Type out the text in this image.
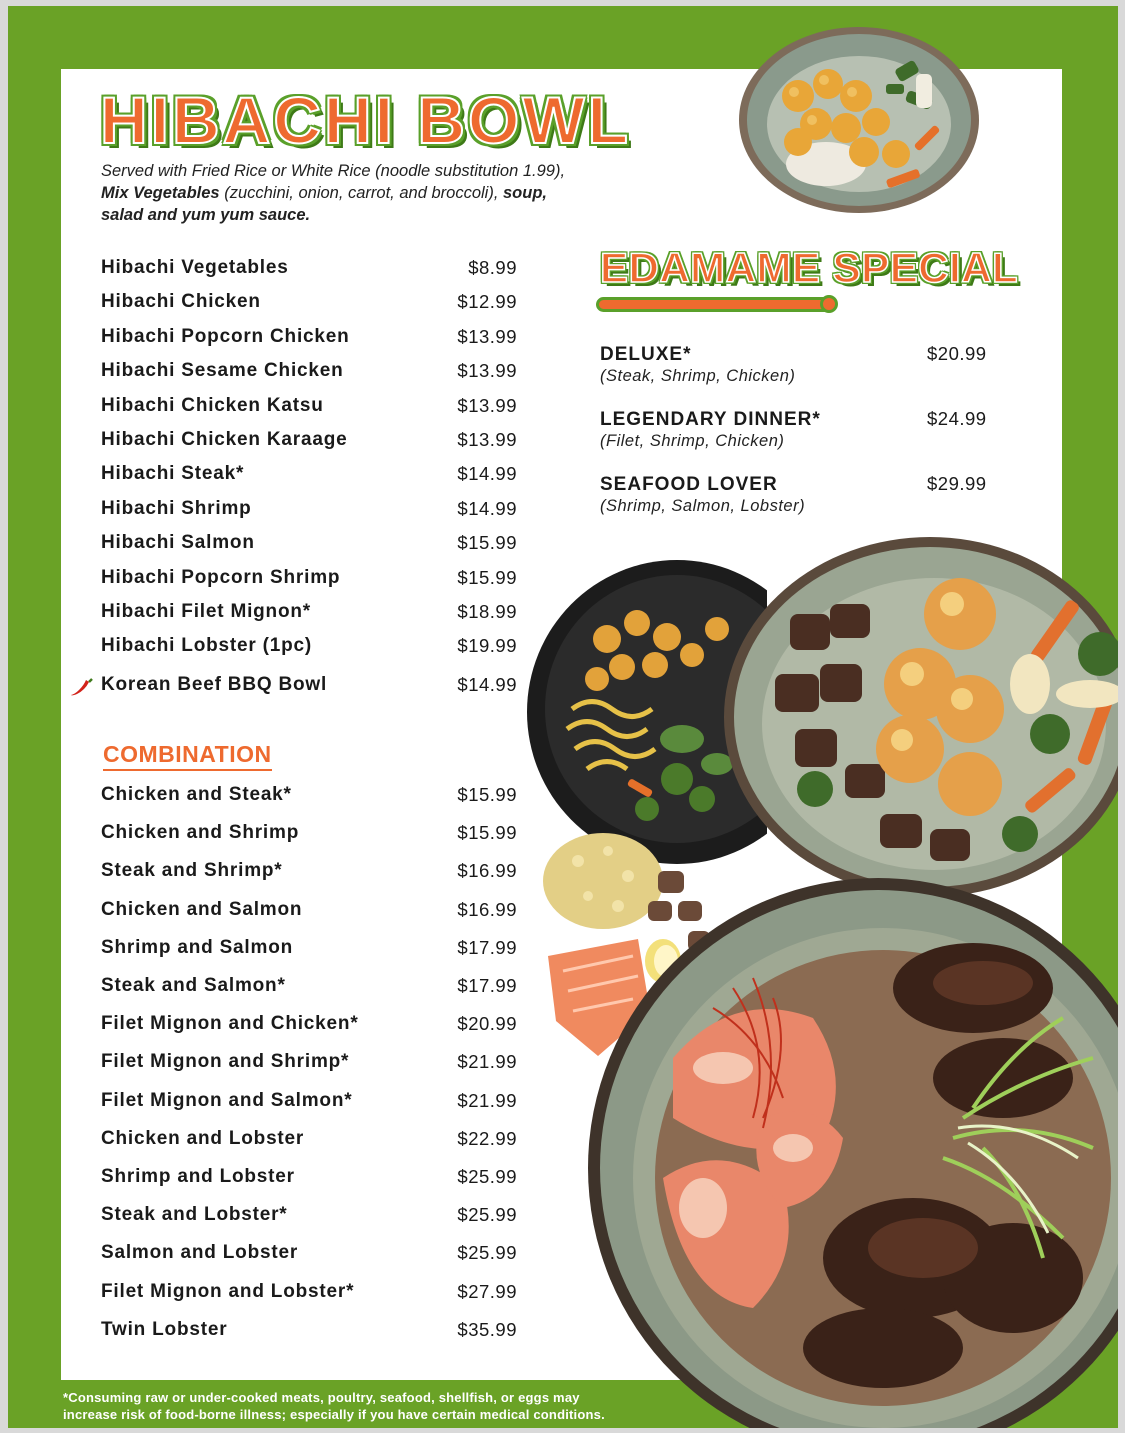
HIBACHI BOWL
Served with Fried Rice or White Rice (noodle substitution 1.99),
Mix Vegetables (zucchini, onion, carrot, and broccoli), soup,
salad and yum yum sauce.
Hibachi Vegetables	$8.99
Hibachi Chicken	$12.99
Hibachi Popcorn Chicken	$13.99
Hibachi Sesame Chicken	$13.99
Hibachi Chicken Katsu	$13.99
Hibachi Chicken Karaage	$13.99
Hibachi Steak*	$14.99
Hibachi Shrimp	$14.99
Hibachi Salmon	$15.99
Hibachi Popcorn Shrimp	$15.99
Hibachi Filet Mignon*	$18.99
Hibachi Lobster (1pc)	$19.99
Korean Beef BBQ Bowl	$14.99
COMBINATION
Chicken and Steak*	$15.99
Chicken and Shrimp	$15.99
Steak and Shrimp*	$16.99
Chicken and Salmon	$16.99
Shrimp and Salmon	$17.99
Steak and Salmon*	$17.99
Filet Mignon and Chicken*	$20.99
Filet Mignon and Shrimp*	$21.99
Filet Mignon and Salmon*	$21.99
Chicken and Lobster	$22.99
Shrimp and Lobster	$25.99
Steak and Lobster*	$25.99
Salmon and Lobster	$25.99
Filet Mignon and Lobster*	$27.99
Twin Lobster	$35.99
EDAMAME SPECIAL
DELUXE*
(Steak, Shrimp, Chicken)
$20.99
LEGENDARY DINNER*
(Filet, Shrimp, Chicken)
$24.99
SEAFOOD LOVER
(Shrimp, Salmon, Lobster)
$29.99
*Consuming raw or under-cooked meats, poultry, seafood, shellfish, or eggs may
increase risk of food-borne illness; especially if you have certain medical conditions.
